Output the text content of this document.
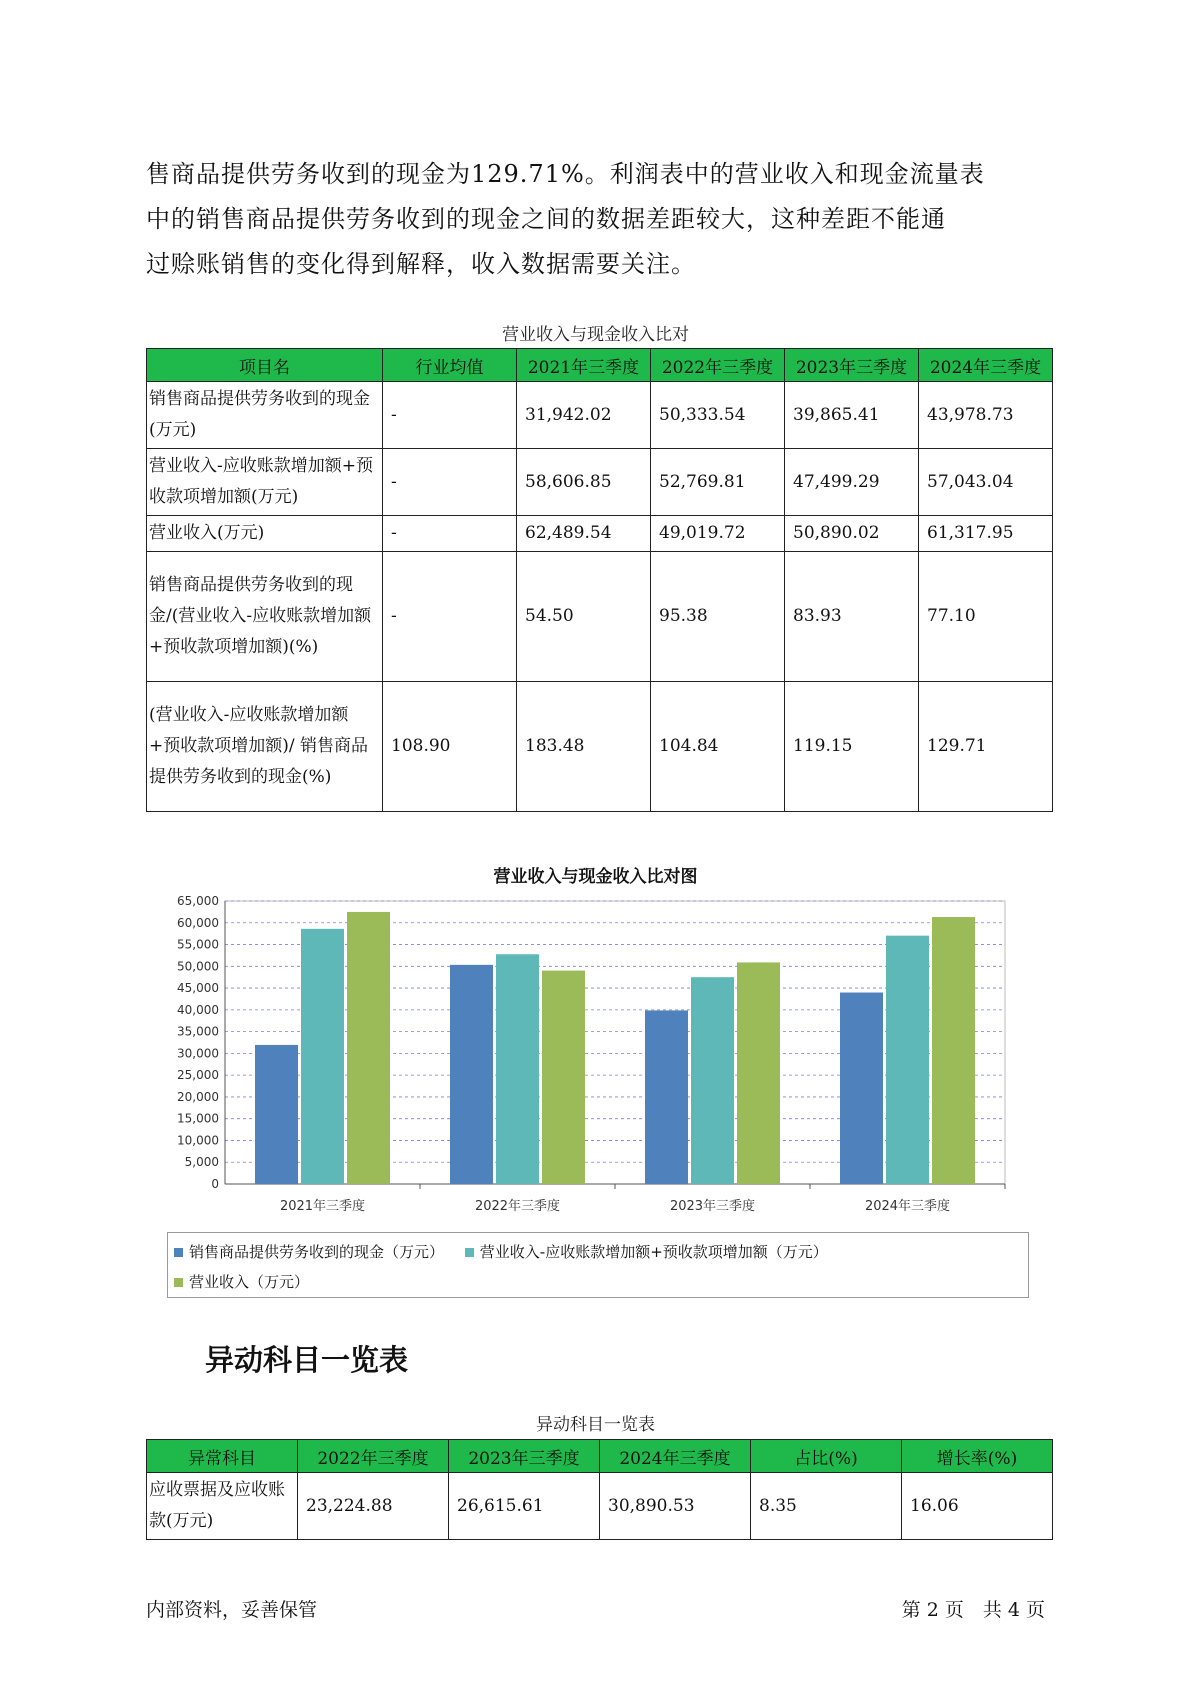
售商品提供劳务收到的现金为129.71%。利润表中的营业收入和现金流量表
中的销售商品提供劳务收到的现金之间的数据差距较大，这种差距不能通
过赊账销售的变化得到解释，收入数据需要关注。
营业收入与现金收入比对
项目名	行业均值	2021年三季度	2022年三季度	2023年三季度	2024年三季度
销售商品提供劳务收到的现金(万元)	-	31,942.02	50,333.54	39,865.41	43,978.73
营业收入-应收账款增加额+预收款项增加额(万元)	-	58,606.85	52,769.81	47,499.29	57,043.04
营业收入(万元)	-	62,489.54	49,019.72	50,890.02	61,317.95
销售商品提供劳务收到的现金/(营业收入-应收账款增加额+预收款项增加额)(%)	-	54.50	95.38	83.93	77.10
(营业收入-应收账款增加额+预收款项增加额)/ 销售商品提供劳务收到的现金(%)	108.90	183.48	104.84	119.15	129.71
营业收入与现金收入比对图
0
5,000
10,000
15,000
20,000
25,000
30,000
35,000
40,000
45,000
50,000
55,000
60,000
65,000
2021年三季度	2022年三季度	2023年三季度	2024年三季度
销售商品提供劳务收到的现金（万元） 营业收入-应收账款增加额+预收款项增加额（万元）
营业收入（万元）
异动科目一览表
异动科目一览表
异常科目	2022年三季度	2023年三季度	2024年三季度	占比(%)	增长率(%)
应收票据及应收账款(万元)	23,224.88	26,615.61	30,890.53	8.35	16.06
内部资料，妥善保管	第 2 页　共 4 页
